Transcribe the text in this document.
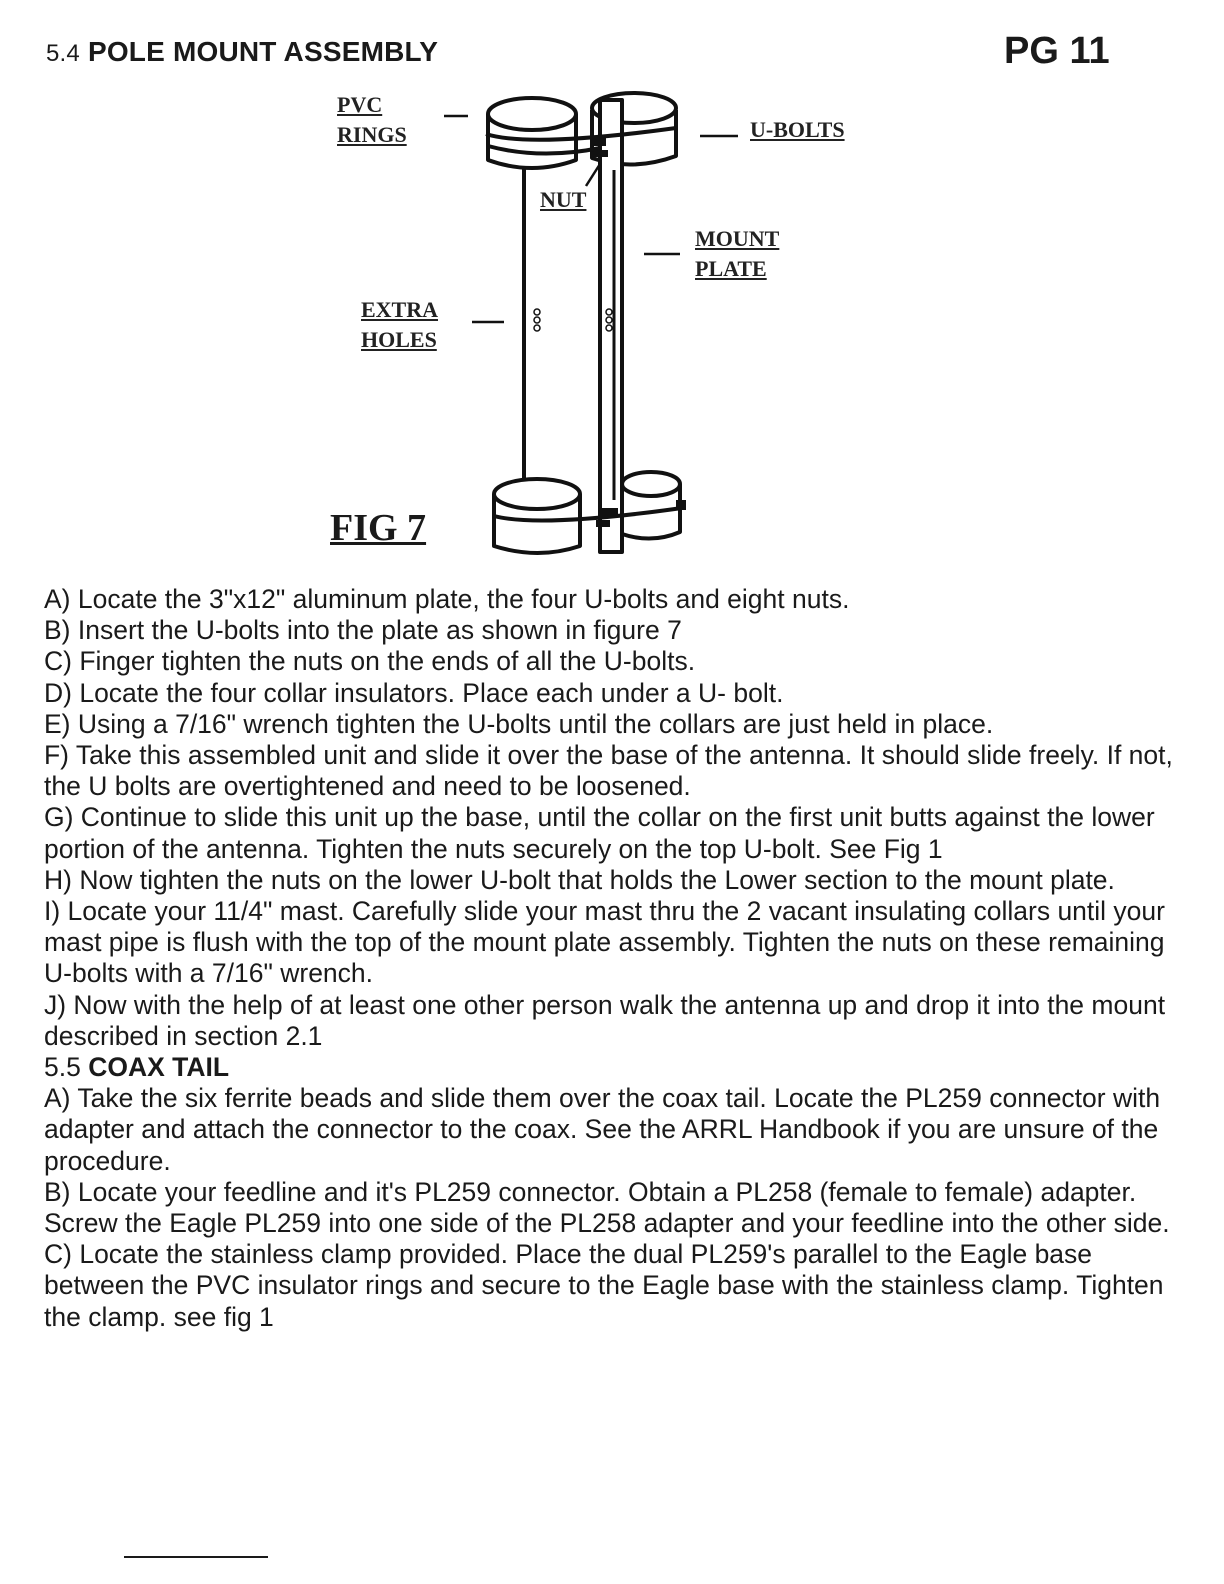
5.4 POLE MOUNT ASSEMBLY	PG 11
PVC
RINGS	U-BOLTS
NUT
MOUNT
PLATE
EXTRA
HOLES
FIG 7

A) Locate the 3"x12" aluminum plate, the four U-bolts and eight nuts.

B) Insert the U-bolts into the plate as shown in figure 7

C) Finger tighten the nuts on the ends of all the U-bolts.

D) Locate the four collar insulators. Place each under a U- bolt.

E) Using a 7/16" wrench tighten the U-bolts until the collars are just held in place.

F) Take this assembled unit and slide it over the base of the antenna. It should slide freely. If not, the U bolts are overtightened and need to be loosened.

G) Continue to slide this unit up the base, until the collar on the first unit butts against the lower portion of the antenna. Tighten the nuts securely on the top U-bolt. See Fig 1

H) Now tighten the nuts on the lower U-bolt that holds the Lower section to the mount plate.

I) Locate your 11/4" mast. Carefully slide your mast thru the 2 vacant insulating collars until your mast pipe is flush with the top of the mount plate assembly. Tighten the nuts on these remaining U-bolts with a 7/16" wrench.

J) Now with the help of at least one other person walk the antenna up and drop it into the mount described in section 2.1

5.5 COAX TAIL

A) Take the six ferrite beads and slide them over the coax tail. Locate the PL259 connector with adapter and attach the connector to the coax. See the ARRL Handbook if you are unsure of the procedure.

B) Locate your feedline and it's PL259 connector. Obtain a PL258 (female to female) adapter. Screw the Eagle PL259 into one side of the PL258 adapter and your feedline into the other side.

C) Locate the stainless clamp provided. Place the dual PL259's parallel to the Eagle base between the PVC insulator rings and secure to the Eagle base with the stainless clamp. Tighten the clamp. see fig 1
